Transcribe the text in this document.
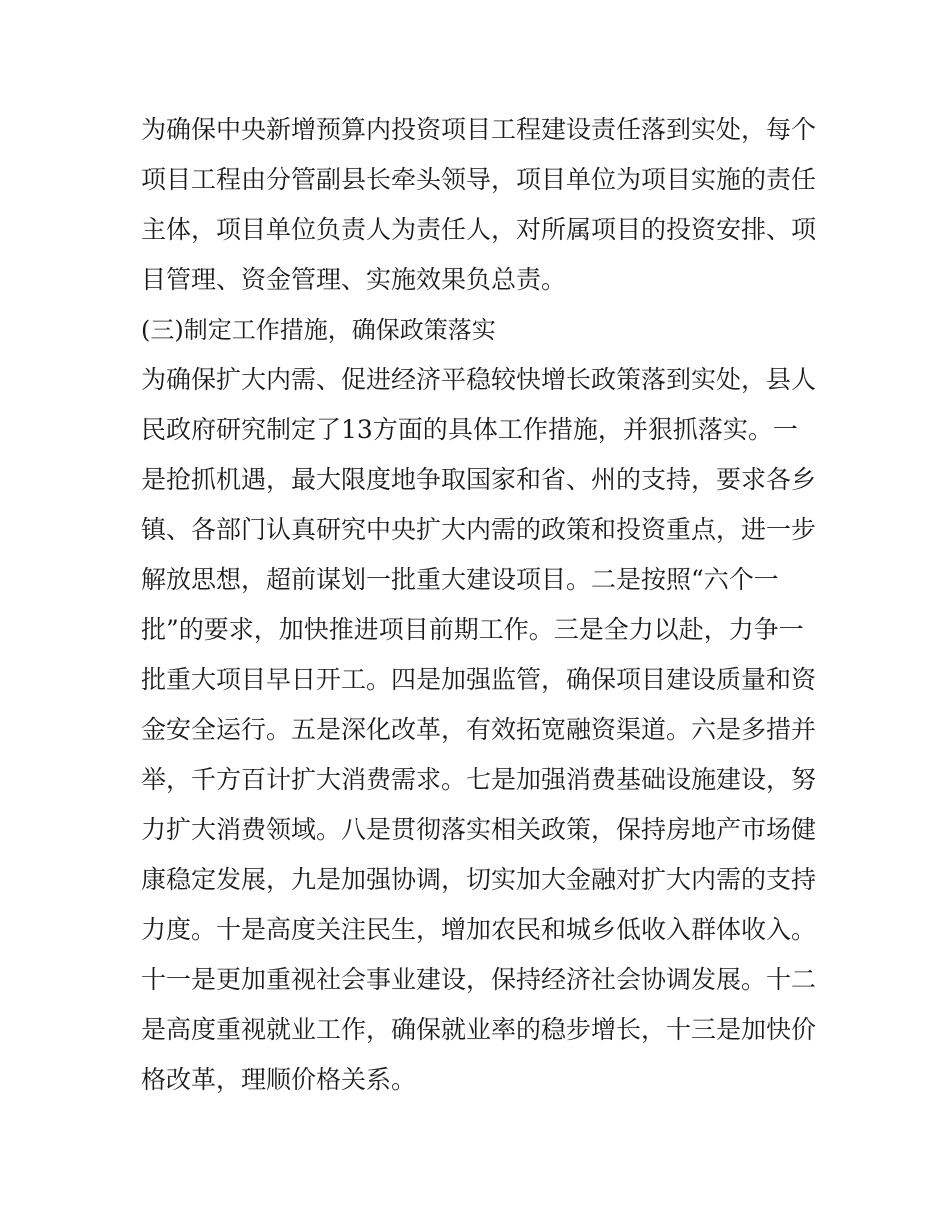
为确保中央新增预算内投资项目工程建设责任落到实处，每个
项目工程由分管副县长牵头领导，项目单位为项目实施的责任
主体，项目单位负责人为责任人，对所属项目的投资安排、项
目管理、资金管理、实施效果负总责。
(三)制定工作措施，确保政策落实
为确保扩大内需、促进经济平稳较快增长政策落到实处，县人
民政府研究制定了13方面的具体工作措施，并狠抓落实。一
是抢抓机遇，最大限度地争取国家和省、州的支持，要求各乡
镇、各部门认真研究中央扩大内需的政策和投资重点，进一步
解放思想，超前谋划一批重大建设项目。二是按照“六个一
批”的要求，加快推进项目前期工作。三是全力以赴，力争一
批重大项目早日开工。四是加强监管，确保项目建设质量和资
金安全运行。五是深化改革，有效拓宽融资渠道。六是多措并
举，千方百计扩大消费需求。七是加强消费基础设施建设，努
力扩大消费领域。八是贯彻落实相关政策，保持房地产市场健
康稳定发展，九是加强协调，切实加大金融对扩大内需的支持
力度。十是高度关注民生，增加农民和城乡低收入群体收入。
十一是更加重视社会事业建设，保持经济社会协调发展。十二
是高度重视就业工作，确保就业率的稳步增长，十三是加快价
格改革，理顺价格关系。
